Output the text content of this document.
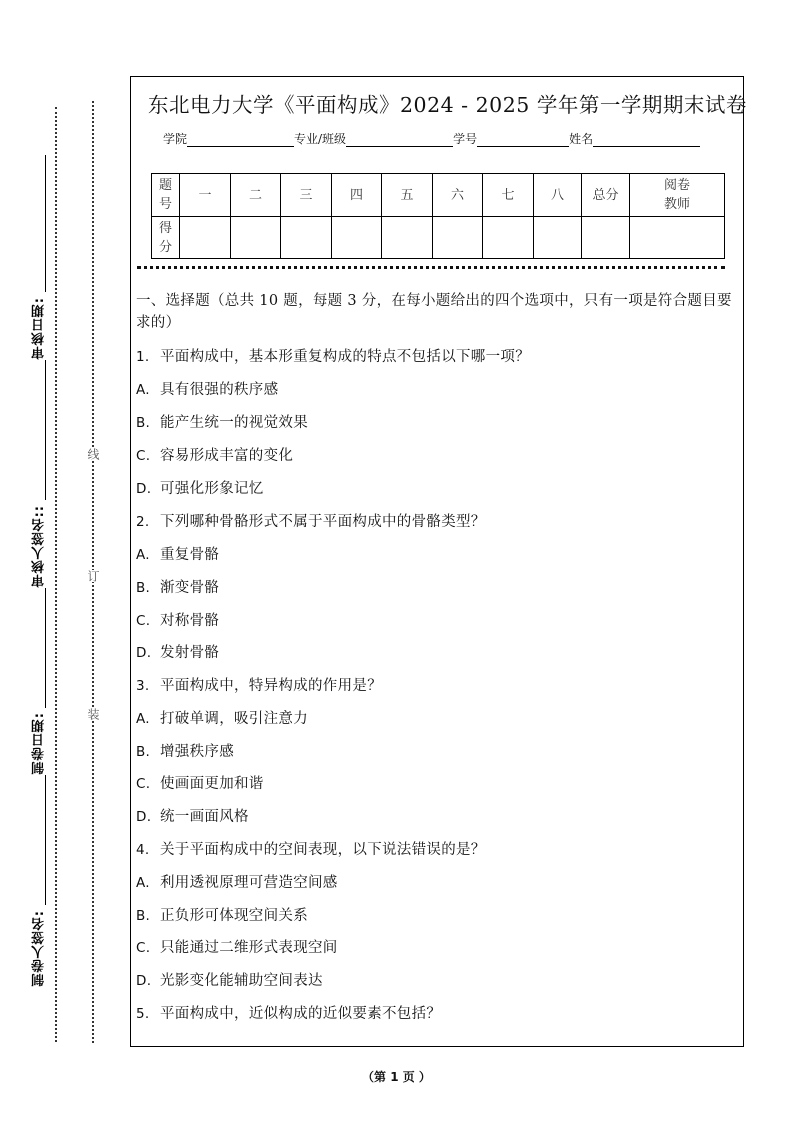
审核日期:
审核人签名::
制卷日期:
制卷人签名:
线
订
装
东北电力大学《平面构成》2024 - 2025 学年第一学期期末试卷
学院	专业/班级	学号	姓名
题号	一	二	三	四	五	六	七	八	总分	阅卷教师

得分										

一、选择题（总共 10 题，每题 3 分，在每小题给出的四个选项中，只有一项是符合题目要求的）
1. 平面构成中，基本形重复构成的特点不包括以下哪一项？
A. 具有很强的秩序感
B. 能产生统一的视觉效果
C. 容易形成丰富的变化
D. 可强化形象记忆
2. 下列哪种骨骼形式不属于平面构成中的骨骼类型？
A. 重复骨骼
B. 渐变骨骼
C. 对称骨骼
D. 发射骨骼
3. 平面构成中，特异构成的作用是？
A. 打破单调，吸引注意力
B. 增强秩序感
C. 使画面更加和谐
D. 统一画面风格
4. 关于平面构成中的空间表现，以下说法错误的是？
A. 利用透视原理可营造空间感
B. 正负形可体现空间关系
C. 只能通过二维形式表现空间
D. 光影变化能辅助空间表达
5. 平面构成中，近似构成的近似要素不包括？
（第 1 页 ）
